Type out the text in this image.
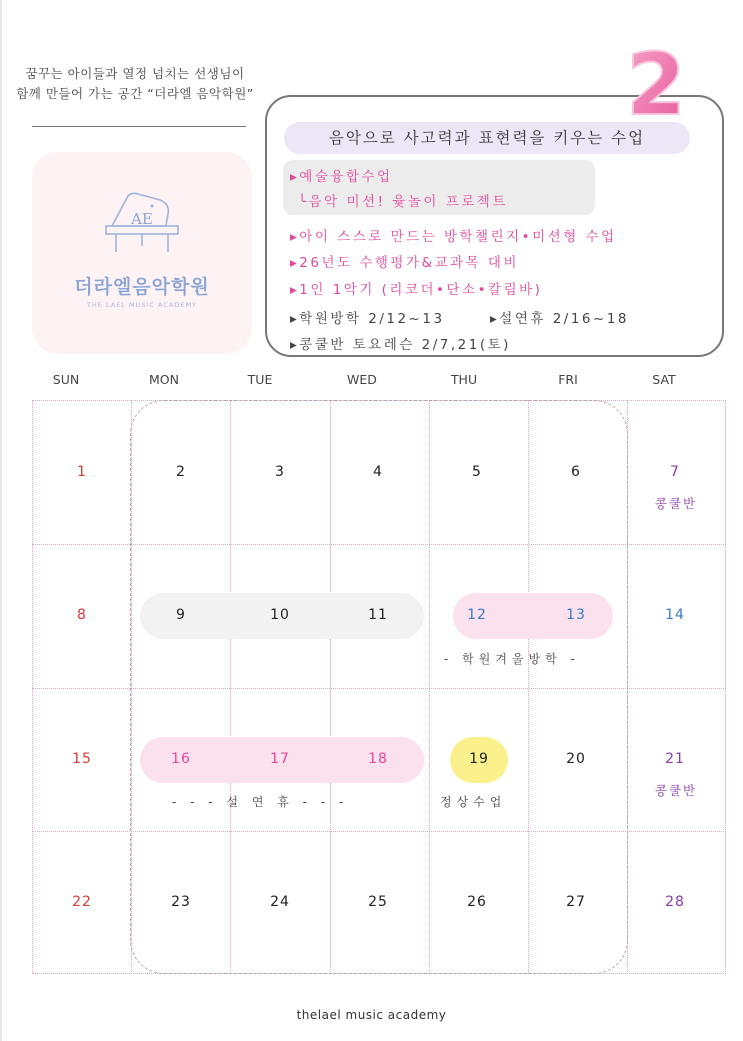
꿈꾸는 아이들과 열정 넘치는 선생님이
함께 만들어 가는 공간 “더라엘 음악학원”
AE
더라엘음악학원
THE LAEL MUSIC ACADEMY
2
음악으로 사고력과 표현력을 키우는 수업
▸예술융합수업
╰음악 미션! 윷놀이 프로젝트
▸아이 스스로 만드는 방학챌린지•미션형 수업
▸26년도 수행평가&교과목 대비
▸1인 1악기 (리코더•단소•칼림바)
▸학원방학 2/12~13	▸설연휴 2/16~18
▸콩쿨반 토요레슨 2/7,21(토)
SUN	MON	TUE	WED	THU	FRI	SAT
1	2	3	4	5	6	7
콩쿨반
8	9	10	11	12	13	14
- 학원겨울방학 -
15	16	17	18	19	20	21
- - - 설 연 휴 - - -	정상수업
콩쿨반
22	23	24	25	26	27	28
thelael music academy
